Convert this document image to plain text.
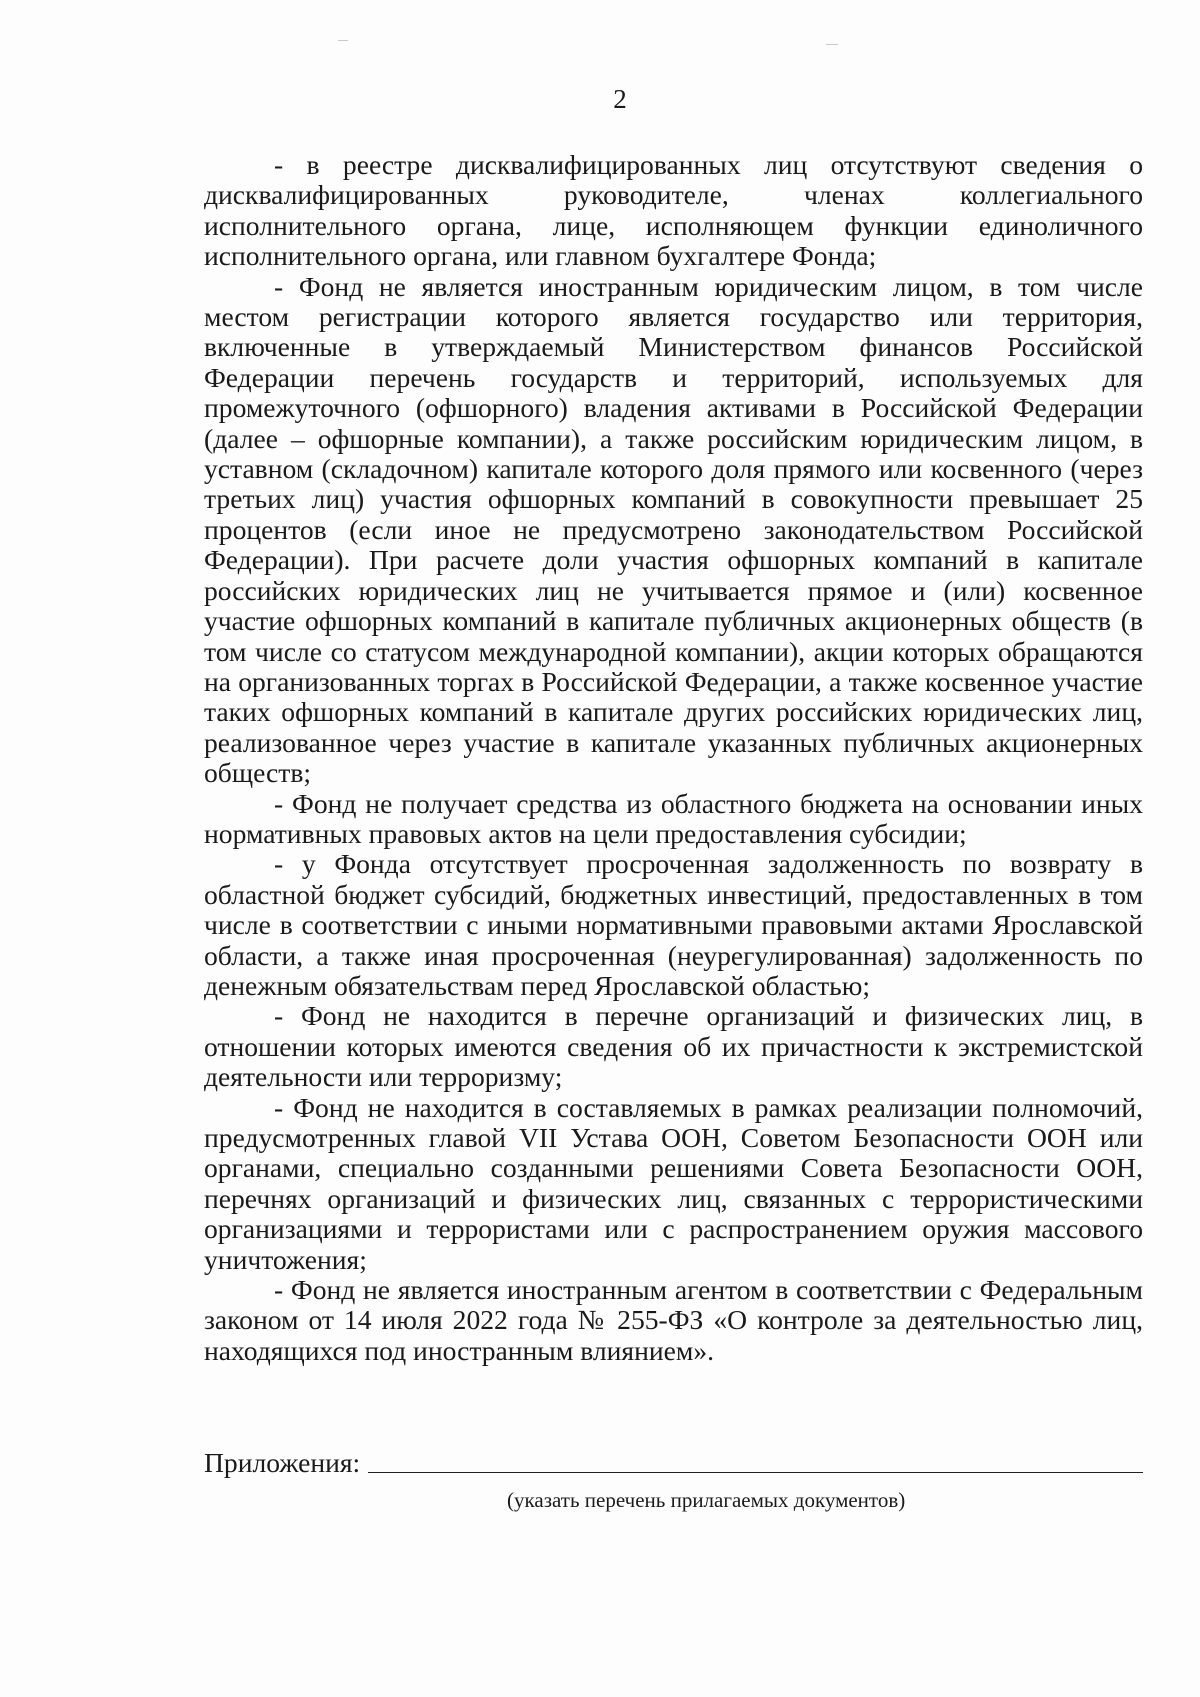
2

- в реестре дисквалифицированных лиц отсутствуют сведения о дисквалифицированных руководителе, членах коллегиального исполнительного органа, лице, исполняющем функции единоличного исполнительного органа, или главном бухгалтере Фонда;

- Фонд не является иностранным юридическим лицом, в том числе местом регистрации которого является государство или территория, включенные в утверждаемый Министерством финансов Российской Федерации перечень государств и территорий, используемых для промежуточного (офшорного) владения активами в Российской Федерации (далее – офшорные компании), а также российским юридическим лицом, в уставном (складочном) капитале которого доля прямого или косвенного (через третьих лиц) участия офшорных компаний в совокупности превышает 25 процентов (если иное не предусмотрено законодательством Российской Федерации). При расчете доли участия офшорных компаний в капитале российских юридических лиц не учитывается прямое и (или) косвенное участие офшорных компаний в капитале публичных акционерных обществ (в том числе со статусом международной компании), акции которых обращаются на организованных торгах в Российской Федерации, а также косвенное участие таких офшорных компаний в капитале других российских юридических лиц, реализованное через участие в капитале указанных публичных акционерных обществ;

- Фонд не получает средства из областного бюджета на основании иных нормативных правовых актов на цели предоставления субсидии;

- у Фонда отсутствует просроченная задолженность по возврату в областной бюджет субсидий, бюджетных инвестиций, предоставленных в том числе в соответствии с иными нормативными правовыми актами Ярославской области, а также иная просроченная (неурегулированная) задолженность по денежным обязательствам перед Ярославской областью;

- Фонд не находится в перечне организаций и физических лиц, в отношении которых имеются сведения об их причастности к экстремистской деятельности или терроризму;

- Фонд не находится в составляемых в рамках реализации полномочий, предусмотренных главой VII Устава ООН, Советом Безопасности ООН или органами, специально созданными решениями Совета Безопасности ООН, перечнях организаций и физических лиц, связанных с террористическими организациями и террористами или с распространением оружия массового уничтожения;

- Фонд не является иностранным агентом в соответствии с Федеральным законом от 14 июля 2022 года № 255-ФЗ «О контроле за деятельностью лиц, находящихся под иностранным влиянием».

Приложения:
(указать перечень прилагаемых документов)
